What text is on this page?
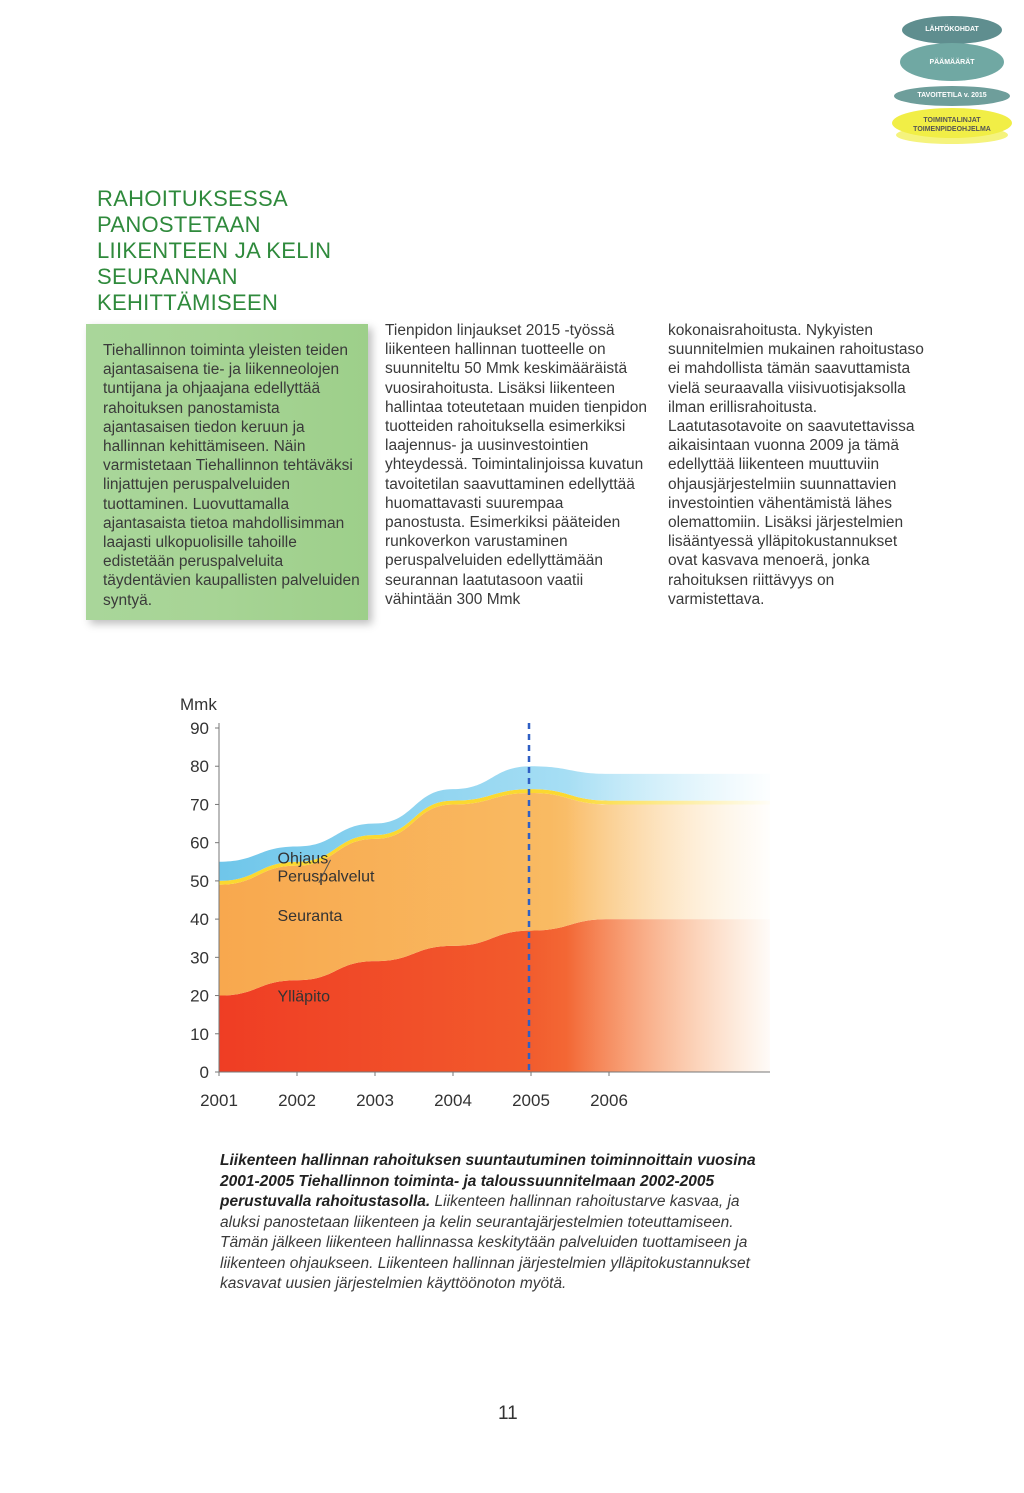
LÄHTÖKOHDAT
PÄÄMÄÄRÄT
TAVOITETILA v. 2015
TOIMINTALINJAT
TOIMENPIDEOHJELMA
RAHOITUKSESSA
PANOSTETAAN
LIIKENTEEN JA KELIN
SEURANNAN
KEHITTÄMISEEN
Tiehallinnon toiminta yleisten teiden ajantasaisena tie- ja liikenneolojen tuntijana ja ohjaajana edellyttää rahoituksen panostamista ajantasaisen tiedon keruun ja hallinnan kehittämiseen. Näin varmistetaan Tiehallinnon tehtäväksi linjattujen peruspalveluiden tuottaminen. Luovuttamalla ajantasaista tietoa mahdollisimman laajasti ulkopuolisille tahoille edistetään peruspalveluita täydentävien kaupallisten palveluiden syntyä.
Tienpidon linjaukset 2015 -työssä liikenteen hallinnan tuotteelle on suunniteltu 50 Mmk keskimääräistä vuosirahoitusta. Lisäksi liikenteen hallintaa toteutetaan muiden tienpidon tuotteiden rahoituksella esimerkiksi laajennus- ja uusinvestointien yhteydessä. Toimintalinjoissa kuvatun tavoitetilan saavuttaminen edellyttää huomattavasti suurempaa panostusta. Esimerkiksi pääteiden runkoverkon varustaminen peruspalveluiden edellyttämään seurannan laatutasoon vaatii vähintään 300 Mmk
kokonaisrahoitusta. Nykyisten suunnitelmien mukainen rahoitustaso ei mahdollista tämän saavuttamista vielä seuraavalla viisivuotisjaksolla ilman erillisrahoitusta. Laatutasotavoite on saavutettavissa aikaisintaan vuonna 2009 ja tämä edellyttää liikenteen muuttuviin ohjausjärjestelmiin suunnattavien investointien vähentämistä lähes olemattomiin. Lisäksi järjestelmien lisääntyessä ylläpitokustannukset ovat kasvava menoerä, jonka rahoituksen riittävyys on varmistettava.
0
10
20
30
40
50
60
70
80
90
2001 2002 2003 2004 2005 2006
Ohjaus
Peruspalvelut
Seuranta
Ylläpito
Mmk
Liikenteen hallinnan rahoituksen suuntautuminen toiminnoittain vuosina 2001-2005 Tiehallinnon toiminta- ja taloussuunnitelmaan 2002-2005 perustuvalla rahoitustasolla. Liikenteen hallinnan rahoitustarve kasvaa, ja aluksi panostetaan liikenteen ja kelin seurantajärjestelmien toteuttamiseen. Tämän jälkeen liikenteen hallinnassa keskitytään palveluiden tuottamiseen ja liikenteen ohjaukseen. Liikenteen hallinnan järjestelmien ylläpitokustannukset kasvavat uusien järjestelmien käyttöönoton myötä.
11
